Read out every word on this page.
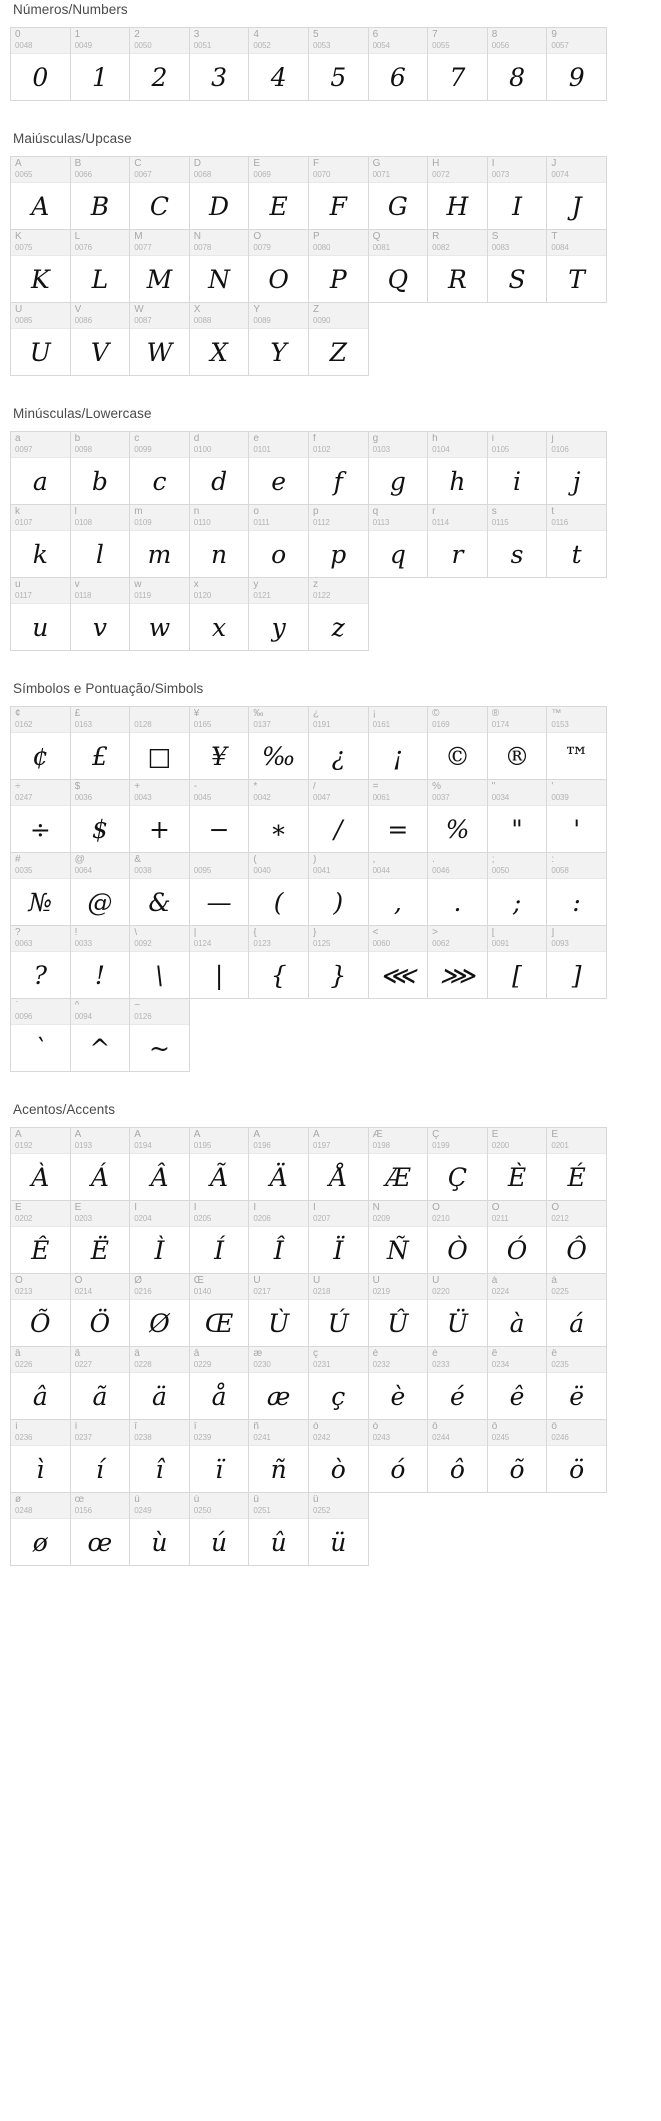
Números/Numbers
0
0048
0
1
0049
1
2
0050
2
3
0051
3
4
0052
4
5
0053
5
6
0054
6
7
0055
7
8
0056
8
9
0057
9
Maiúsculas/Upcase
A
0065
A
B
0066
B
C
0067
C
D
0068
D
E
0069
E
F
0070
F
G
0071
G
H
0072
H
I
0073
I
J
0074
J
K
0075
K
L
0076
L
M
0077
M
N
0078
N
O
0079
O
P
0080
P
Q
0081
Q
R
0082
R
S
0083
S
T
0084
T
U
0085
U
V
0086
V
W
0087
W
X
0088
X
Y
0089
Y
Z
0090
Z
Minúsculas/Lowercase
a
0097
a
b
0098
b
c
0099
c
d
0100
d
e
0101
e
f
0102
f
g
0103
g
h
0104
h
i
0105
i
j
0106
j
k
0107
k
l
0108
l
m
0109
m
n
0110
n
o
0111
o
p
0112
p
q
0113
q
r
0114
r
s
0115
s
t
0116
t
u
0117
u
v
0118
v
w
0119
w
x
0120
x
y
0121
y
z
0122
z
Símbolos e Pontuação/Simbols
¢
0162
¢
£
0163
£
0128
□
¥
0165
¥
‰
0137
‰
¿
0191
¿
¡
0161
¡
©
0169
©
®
0174
®
™
0153
™
÷
0247
÷
$
0036
$
+
0043
+
-
0045
−
*
0042
∗
/
0047
/
=
0061
=
%
0037
%
"
0034
"
'
0039
'
#
0035
№
@
0064
@
&
0038
&
0095
—
(
0040
(
)
0041
)
,
0044
,
.
0046
.
;
0050
;
:
0058
:
?
0063
?
!
0033
!
\
0092
\
|
0124
|
{
0123
{
}
0125
}
<
0060
⋘
>
0062
⋙
[
0091
[
]
0093
]
`
0096
`
^
0094
^
~
0126
~
Acentos/Accents
À
0192
À
Á
0193
Á
Â
0194
Â
Ã
0195
Ã
Ä
0196
Ä
Å
0197
Å
Æ
0198
Æ
Ç
0199
Ç
È
0200
È
É
0201
É
Ê
0202
Ê
Ë
0203
Ë
Ì
0204
Ì
Í
0205
Í
Î
0206
Î
Ï
0207
Ï
Ñ
0209
Ñ
Ò
0210
Ò
Ó
0211
Ó
Ô
0212
Ô
Õ
0213
Õ
Ö
0214
Ö
Ø
0216
Ø
Œ
0140
Œ
Ù
0217
Ù
Ú
0218
Ú
Û
0219
Û
Ü
0220
Ü
à
0224
à
á
0225
á
â
0226
â
ã
0227
ã
ä
0228
ä
å
0229
å
æ
0230
æ
ç
0231
ç
è
0232
è
é
0233
é
ê
0234
ê
ë
0235
ë
ì
0236
ì
í
0237
í
î
0238
î
ï
0239
ï
ñ
0241
ñ
ò
0242
ò
ó
0243
ó
ô
0244
ô
õ
0245
õ
ö
0246
ö
ø
0248
ø
œ
0156
œ
ù
0249
ù
ú
0250
ú
û
0251
û
ü
0252
ü
